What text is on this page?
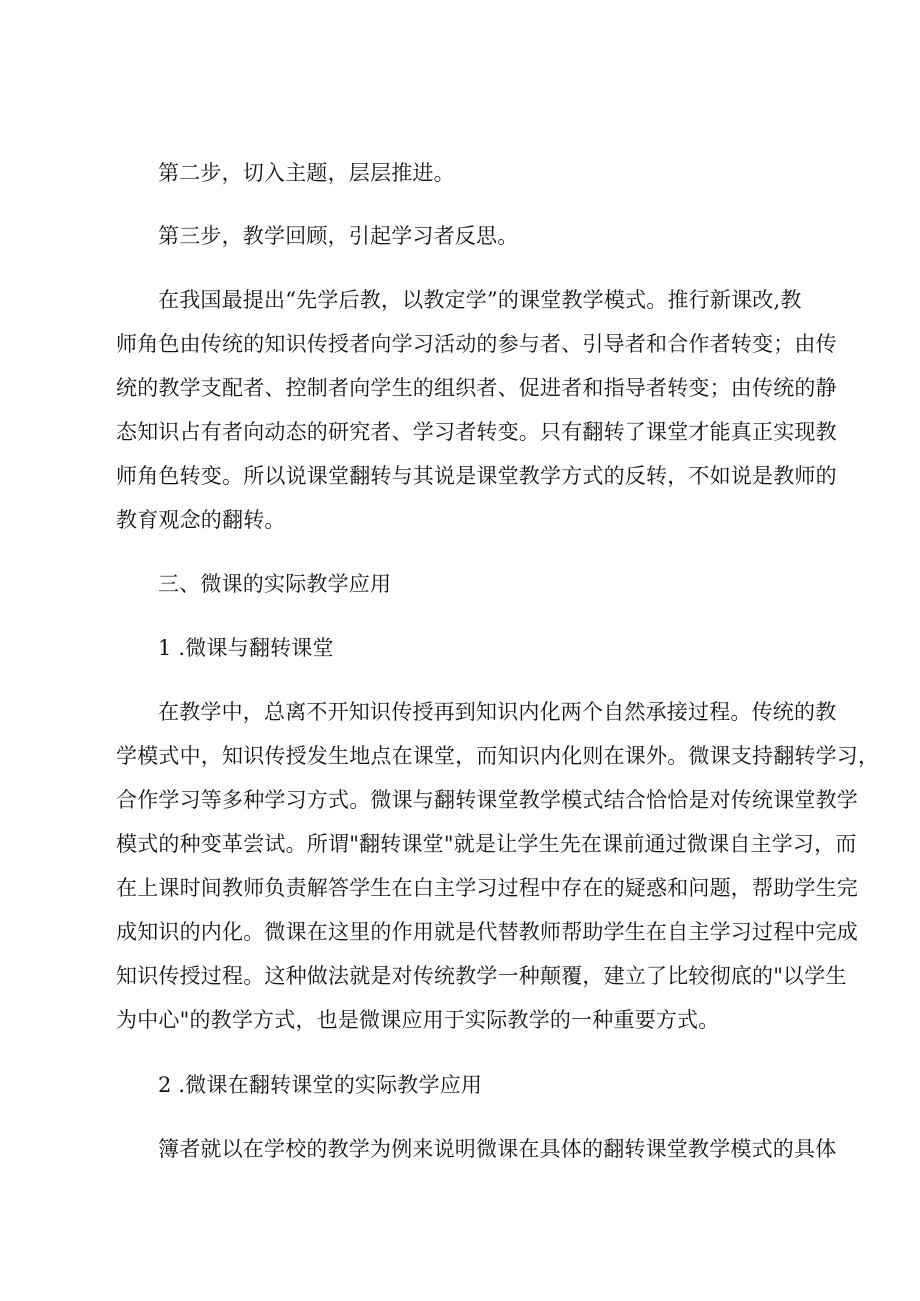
第二步，切入主题，层层推进。
第三步，教学回顾，引起学习者反思。
在我国最提出“先学后教，以教定学”的课堂教学模式。推行新课改,教
师角色由传统的知识传授者向学习活动的参与者、引导者和合作者转变；由传
统的教学支配者、控制者向学生的组织者、促进者和指导者转变；由传统的静
态知识占有者向动态的研究者、学习者转变。只有翻转了课堂才能真正实现教
师角色转变。所以说课堂翻转与其说是课堂教学方式的反转，不如说是教师的
教育观念的翻转。
三、微课的实际教学应用
1 .微课与翻转课堂
在教学中，总离不开知识传授再到知识内化两个自然承接过程。传统的教
学模式中，知识传授发生地点在课堂，而知识内化则在课外。微课支持翻转学习，
合作学习等多种学习方式。微课与翻转课堂教学模式结合恰恰是对传统课堂教学
模式的种变革尝试。所谓"翻转课堂"就是让学生先在课前通过微课自主学习，而
在上课时间教师负责解答学生在白主学习过程中存在的疑惑和问题，帮助学生完
成知识的内化。微课在这里的作用就是代替教师帮助学生在自主学习过程中完成
知识传授过程。这种做法就是对传统教学一种颠覆，建立了比较彻底的"以学生
为中心"的教学方式，也是微课应用于实际教学的一种重要方式。
2 .微课在翻转课堂的实际教学应用
簿者就以在学校的教学为例来说明微课在具体的翻转课堂教学模式的具体
